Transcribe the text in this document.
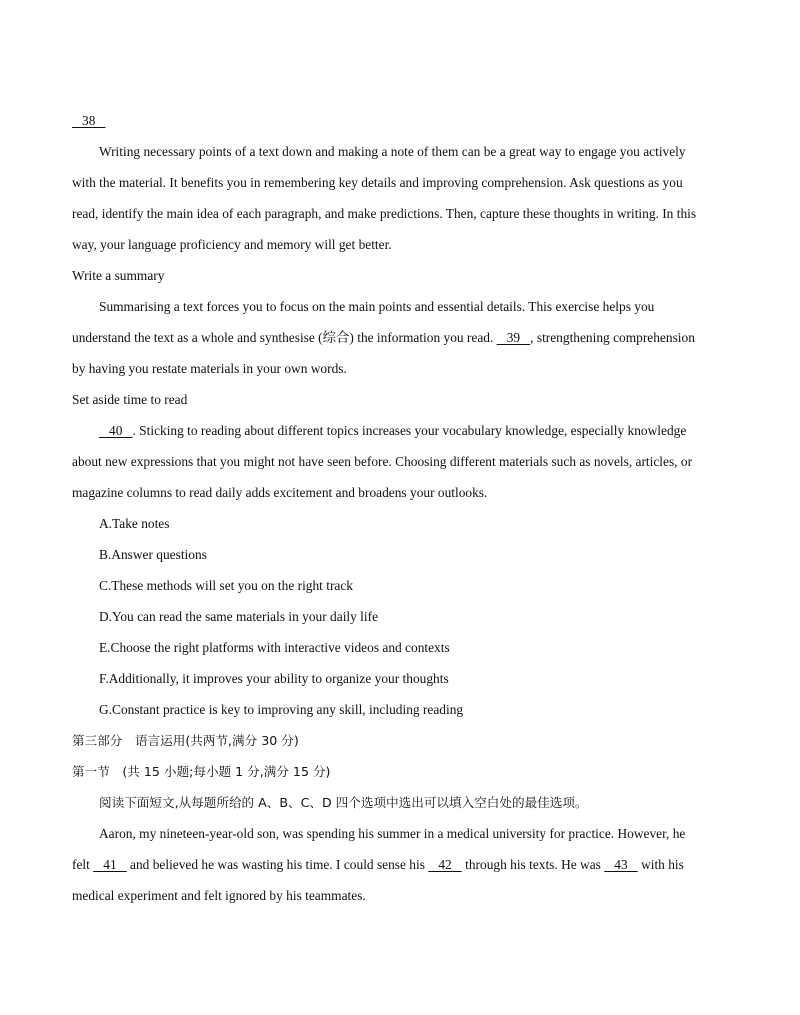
38
Writing necessary points of a text down and making a note of them can be a great way to engage you actively
with the material. It benefits you in remembering key details and improving comprehension. Ask questions as you
read, identify the main idea of each paragraph, and make predictions. Then, capture these thoughts in writing. In this
way, your language proficiency and memory will get better.
Write a summary
Summarising a text forces you to focus on the main points and essential details. This exercise helps you
understand the text as a whole and synthesise (综合) the information you read.    39   , strengthening comprehension
by having you restate materials in your own words.
Set aside time to read
40   . Sticking to reading about different topics increases your vocabulary knowledge, especially knowledge
about new expressions that you might not have seen before. Choosing different materials such as novels, articles, or
magazine columns to read daily adds excitement and broadens your outlooks.
A.Take notes
B.Answer questions
C.These methods will set you on the right track
D.You can read the same materials in your daily life
E.Choose the right platforms with interactive videos and contexts
F.Additionally, it improves your ability to organize your thoughts
G.Constant practice is key to improving any skill, including reading
第三部分　语言运用(共两节,满分 30 分)
第一节　(共 15 小题;每小题 1 分,满分 15 分)
阅读下面短文,从每题所给的 A、B、C、D 四个选项中选出可以填入空白处的最佳选项。
Aaron, my nineteen-year-old son, was spending his summer in a medical university for practice. However, he
felt    41    and believed he was wasting his time. I could sense his    42    through his texts. He was    43    with his
medical experiment and felt ignored by his teammates.
